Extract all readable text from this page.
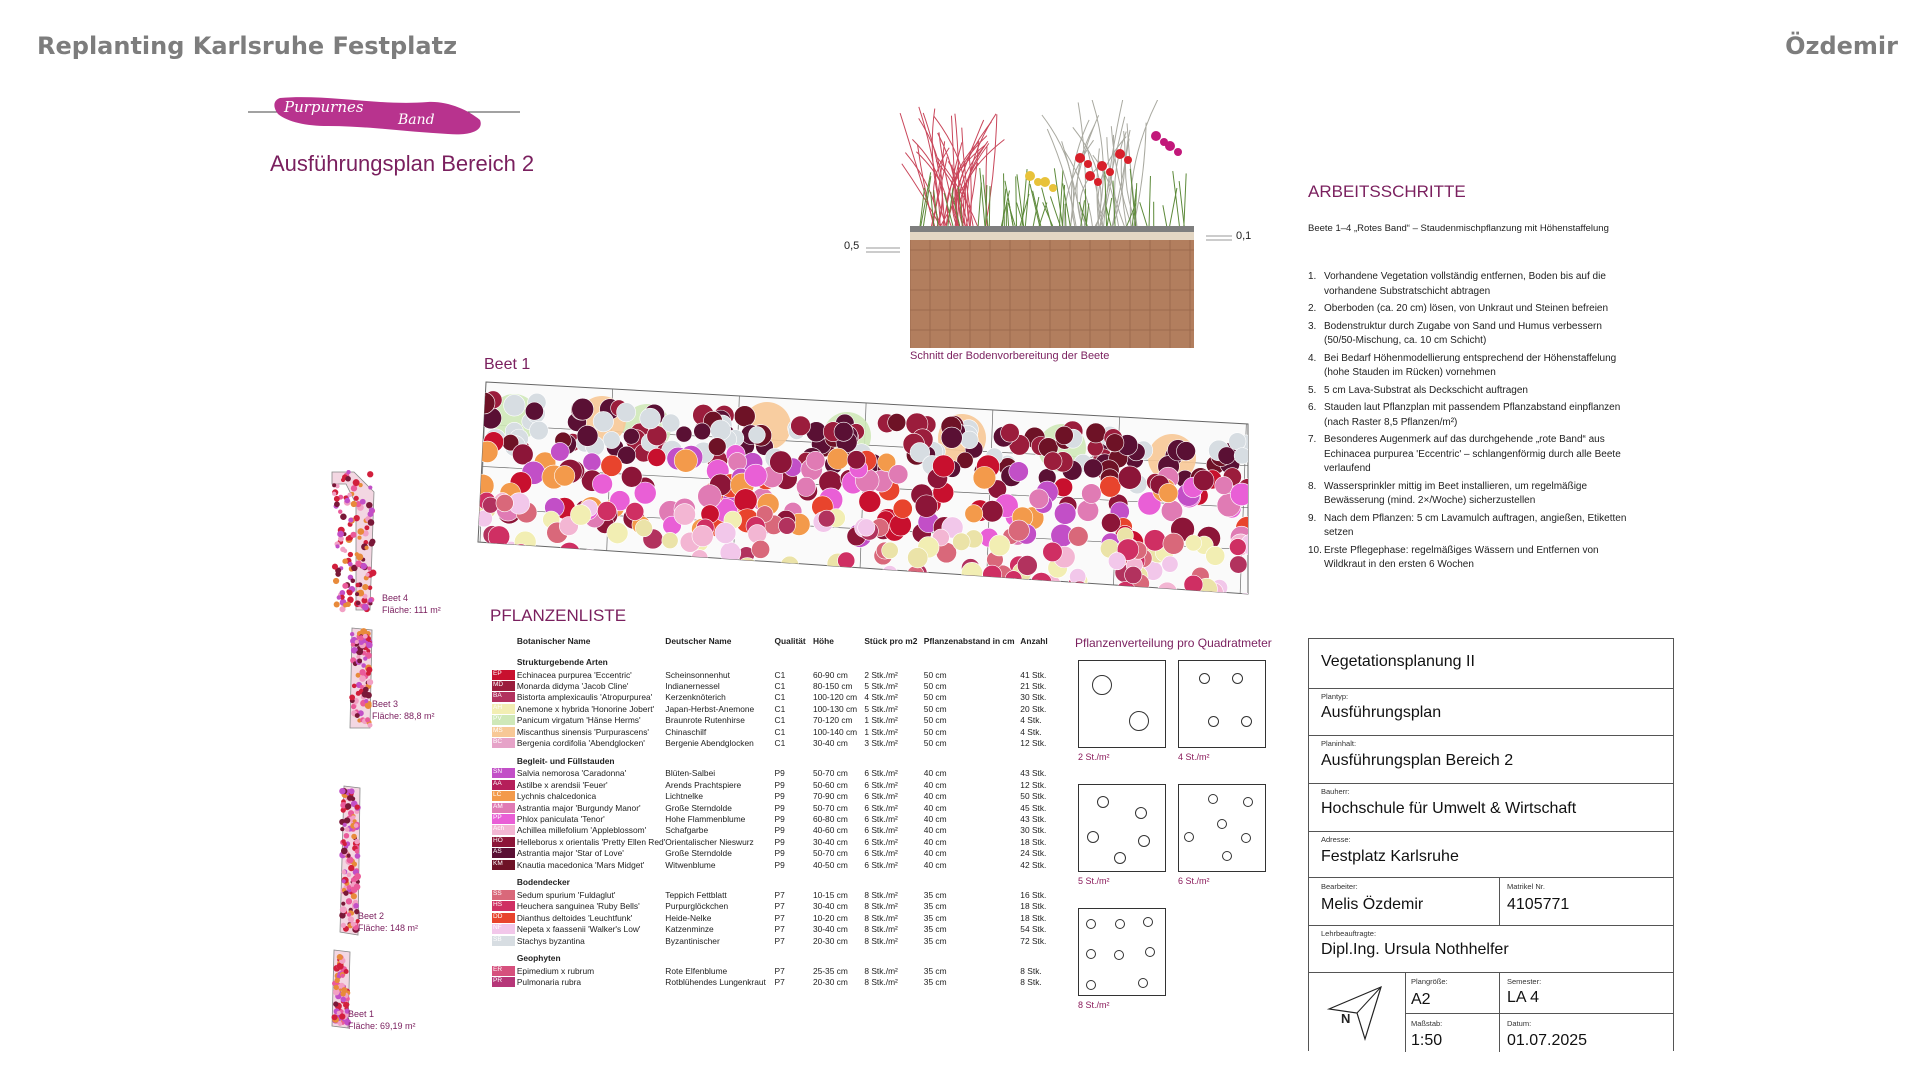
Replanting Karlsruhe Festplatz	Özdemir
Purpurnes
Band
Ausführungsplan Bereich 2
0,5
0,1
Schnitt der Bodenvorbereitung der Beete
Beet 1
Beet 4
Fläche: 111 m²
Beet 3
Fläche: 88,8 m²
Beet 2
Fläche: 148 m²
Beet 1
Fläche: 69,19 m²
PFLANZENLISTE
	Botanischer Name	Deutscher Name	Qualität	Höhe	Stück pro m2	Pflanzenabstand in cm	Anzahl
	Strukturgebende Arten						

EP	Echinacea purpurea 'Eccentric'	Scheinsonnenhut	C1	60-90 cm	2 Stk./m²	50 cm	41 Stk.

MD	Monarda didyma 'Jacob Cline'	Indianernessel	C1	80-150 cm	5 Stk./m²	50 cm	21 Stk.

BA	Bistorta amplexicaulis 'Atropurpurea'	Kerzenknöterich	C1	100-120 cm	4 Stk./m²	50 cm	30 Stk.

AH	Anemone x hybrida 'Honorine Jobert'	Japan-Herbst-Anemone	C1	100-130 cm	5 Stk./m²	50 cm	20 Stk.

PV	Panicum virgatum 'Hänse Herms'	Braunrote Rutenhirse	C1	70-120 cm	1 Stk./m²	50 cm	4 Stk.

MS	Miscanthus sinensis 'Purpurascens'	Chinaschilf	C1	100-140 cm	1 Stk./m²	50 cm	4 Stk.

BC	Bergenia cordifolia 'Abendglocken'	Bergenie Abendglocken	C1	30-40 cm	3 Stk./m²	50 cm	12 Stk.
	Begleit- und Füllstauden						

SN	Salvia nemorosa 'Caradonna'	Blüten-Salbei	P9	50-70 cm	6 Stk./m²	40 cm	43 Stk.

AA	Astilbe x arendsii 'Feuer'	Arends Prachtspiere	P9	50-60 cm	6 Stk./m²	40 cm	12 Stk.

LC	Lychnis chalcedonica	Lichtnelke	P9	70-90 cm	6 Stk./m²	40 cm	50 Stk.

AM	Astrantia major 'Burgundy Manor'	Große Sterndolde	P9	50-70 cm	6 Stk./m²	40 cm	45 Stk.

PP	Phlox paniculata 'Tenor'	Hohe Flammenblume	P9	60-80 cm	6 Stk./m²	40 cm	43 Stk.

Ach	Achillea millefolium 'Appleblossom'	Schafgarbe	P9	40-60 cm	6 Stk./m²	40 cm	30 Stk.

HO	Helleborus x orientalis 'Pretty Ellen Red'	Orientalischer Nieswurz	P9	30-40 cm	6 Stk./m²	40 cm	18 Stk.

AS	Astrantia major 'Star of Love'	Große Sterndolde	P9	50-70 cm	6 Stk./m²	40 cm	24 Stk.

KM	Knautia macedonica 'Mars Midget'	Witwenblume	P9	40-50 cm	6 Stk./m²	40 cm	42 Stk.
	Bodendecker						

SS	Sedum spurium 'Fuldaglut'	Teppich Fettblatt	P7	10-15 cm	8 Stk./m²	35 cm	16 Stk.

HS	Heuchera sanguinea 'Ruby Bells'	Purpurglöckchen	P7	30-40 cm	8 Stk./m²	35 cm	18 Stk.

DD	Dianthus deltoides 'Leuchtfunk'	Heide-Nelke	P7	10-20 cm	8 Stk./m²	35 cm	18 Stk.

NF	Nepeta x faassenii 'Walker's Low'	Katzenminze	P7	30-40 cm	8 Stk./m²	35 cm	54 Stk.

SB	Stachys byzantina	Byzantinischer	P7	20-30 cm	8 Stk./m²	35 cm	72 Stk.
	Geophyten						

ER	Epimedium x rubrum	Rote Elfenblume	P7	25-35 cm	8 Stk./m²	35 cm	8 Stk.

PR	Pulmonaria rubra	Rotblühendes Lungenkraut	P7	20-30 cm	8 Stk./m²	35 cm	8 Stk.
Pflanzenverteilung pro Quadratmeter
2 St./m²	4 St./m²
5 St./m²	6 St./m²
8 St./m²
ARBEITSSCHRITTE
Beete 1–4 „Rotes Band“ – Staudenmischpflanzung mit Höhenstaffelung
1. Vorhandene Vegetation vollständig entfernen, Boden bis auf die vorhandene Substratschicht abtragen
2. Oberboden (ca. 20 cm) lösen, von Unkraut und Steinen befreien
3. Bodenstruktur durch Zugabe von Sand und Humus verbessern (50/50-Mischung, ca. 10 cm Schicht)
4. Bei Bedarf Höhenmodellierung entsprechend der Höhenstaffelung (hohe Stauden im Rücken) vornehmen
5. 5 cm Lava-Substrat als Deckschicht auftragen
6. Stauden laut Pflanzplan mit passendem Pflanzabstand einpflanzen (nach Raster 8,5 Pflanzen/m²)
7. Besonderes Augenmerk auf das durchgehende „rote Band“ aus Echinacea purpurea 'Eccentric' – schlangenförmig durch alle Beete verlaufend
8. Wassersprinkler mittig im Beet installieren, um regelmäßige Bewässerung (mind. 2×/Woche) sicherzustellen
9. Nach dem Pflanzen: 5 cm Lavamulch auftragen, angießen, Etiketten setzen
10. Erste Pflegephase: regelmäßiges Wässern und Entfernen von Wildkraut in den ersten 6 Wochen
Vegetationsplanung II
Plantyp:
Ausführungsplan
Planinhalt:
Ausführungsplan Bereich 2
Bauherr:
Hochschule für Umwelt & Wirtschaft
Adresse:
Festplatz Karlsruhe
Bearbeiter:
Melis Özdemir
Matrikel Nr.
4105771
Lehrbeauftragte:
Dipl.Ing. Ursula Nothhelfer
N
Plangröße:
A2
Semester:
LA 4
Maßstab:
1:50
Datum:
01.07.2025
